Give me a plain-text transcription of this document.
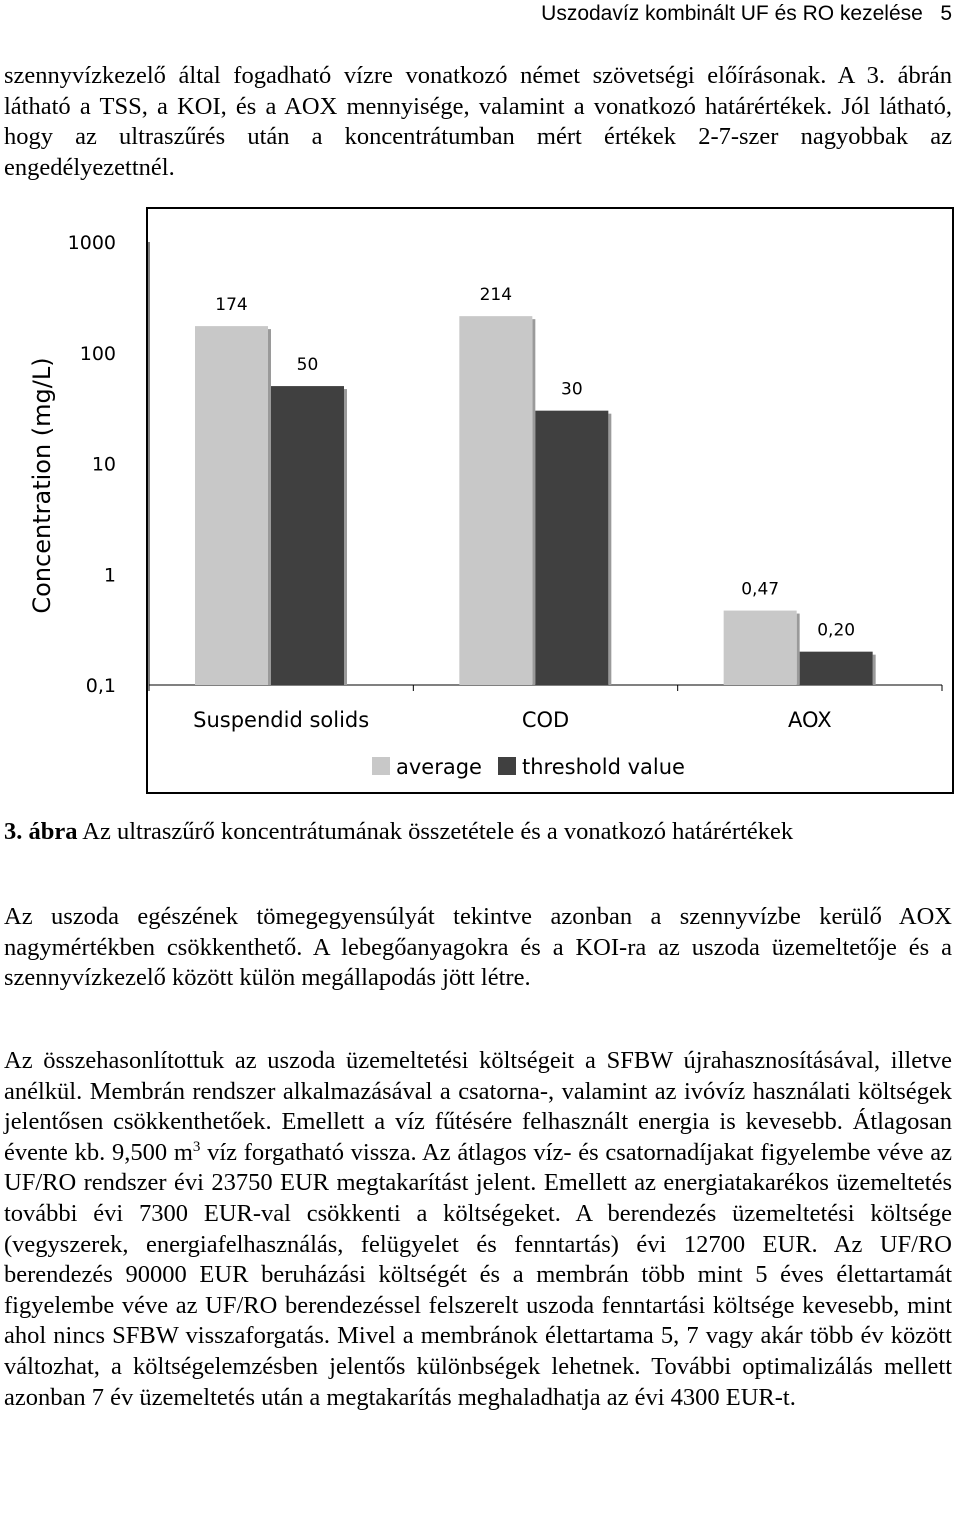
Uszodavíz kombinált UF és RO kezelése 5

szennyvízkezelő által fogadható vízre vonatkozó német szövetségi előírásonak. A 3. ábrán látható a TSS, a KOI, és a AOX mennyisége, valamint a vonatkozó határértékek. Jól látható, hogy az ultraszűrés után a koncentrátumban mért értékek 2-7-szer nagyobbak az engedélyezettnél.

174
50
Suspendid solids
214
30
COD
0,47
0,20
AOX
average threshold value

3. ábra Az ultraszűrő koncentrátumának összetétele és a vonatkozó határértékek

Az uszoda egészének tömegegyensúlyát tekintve azonban a szennyvízbe kerülő AOX nagymértékben csökkenthető. A lebegőanyagokra és a KOI-ra az uszoda üzemeltetője és a szennyvízkezelő között külön megállapodás jött létre.

Az összehasonlítottuk az uszoda üzemeltetési költségeit a SFBW újrahasznosításával, illetve anélkül. Membrán rendszer alkalmazásával a csatorna-, valamint az ivóvíz használati költségek jelentősen csökkenthetőek. Emellett a víz fűtésére felhasznált energia is kevesebb. Átlagosan évente kb. 9,500 $m^3$ víz forgatható vissza. Az átlagos víz- és csatornadíjakat figyelembe véve az UF/RO rendszer évi 23750 EUR megtakarítást jelent. Emellett az energiatakarékos üzemeltetés további évi 7300 EUR-val csökkenti a költségeket. A berendezés üzemeltetési költsége (vegyszerek, energiafelhasználás, felügyelet és fenntartás) évi 12700 EUR. Az UF/RO berendezés 90000 EUR beruházási költségét és a membrán több mint 5 éves élettartamát figyelembe véve az UF/RO berendezéssel felszerelt uszoda fenntartási költsége kevesebb, mint ahol nincs SFBW visszaforgatás. Mivel a membránok élettartama 5, 7 vagy akár több év között változhat, a költségelemzésben jelentős különbségek lehetnek. További optimalizálás mellett azonban 7 év üzemeltetés után a megtakarítás meghaladhatja az évi 4300 EUR-t.

1000
100
10
1
0,1
Concentration (mg/L)
